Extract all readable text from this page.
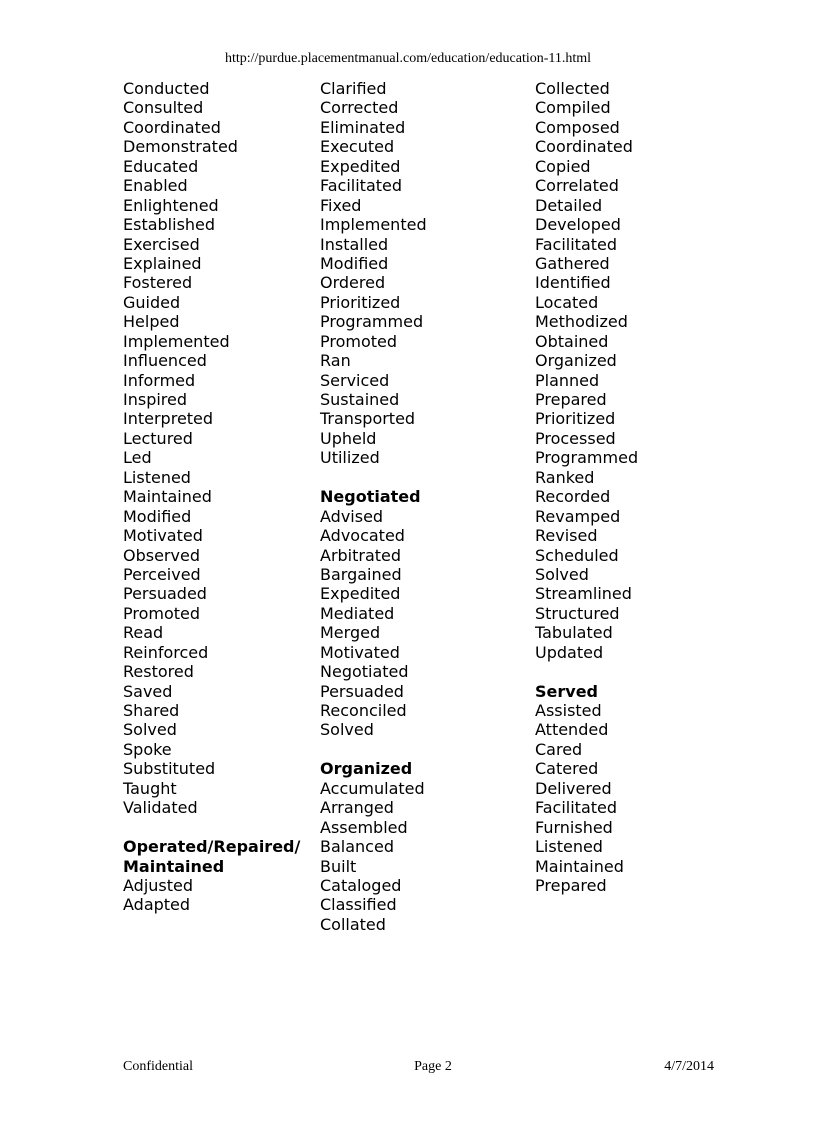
http://purdue.placementmanual.com/education/education-11.html
Conducted
Consulted
Coordinated
Demonstrated
Educated
Enabled
Enlightened
Established
Exercised
Explained
Fostered
Guided
Helped
Implemented
Influenced
Informed
Inspired
Interpreted
Lectured
Led
Listened
Maintained
Modified
Motivated
Observed
Perceived
Persuaded
Promoted
Read
Reinforced
Restored
Saved
Shared
Solved
Spoke
Substituted
Taught
Validated
Operated/Repaired/
Maintained
Adjusted
Adapted
Clarified
Corrected
Eliminated
Executed
Expedited
Facilitated
Fixed
Implemented
Installed
Modified
Ordered
Prioritized
Programmed
Promoted
Ran
Serviced
Sustained
Transported
Upheld
Utilized
Negotiated
Advised
Advocated
Arbitrated
Bargained
Expedited
Mediated
Merged
Motivated
Negotiated
Persuaded
Reconciled
Solved
Organized
Accumulated
Arranged
Assembled
Balanced
Built
Cataloged
Classified
Collated
Collected
Compiled
Composed
Coordinated
Copied
Correlated
Detailed
Developed
Facilitated
Gathered
Identified
Located
Methodized
Obtained
Organized
Planned
Prepared
Prioritized
Processed
Programmed
Ranked
Recorded
Revamped
Revised
Scheduled
Solved
Streamlined
Structured
Tabulated
Updated
Served
Assisted
Attended
Cared
Catered
Delivered
Facilitated
Furnished
Listened
Maintained
Prepared
Confidential	Page 2	4/7/2014
